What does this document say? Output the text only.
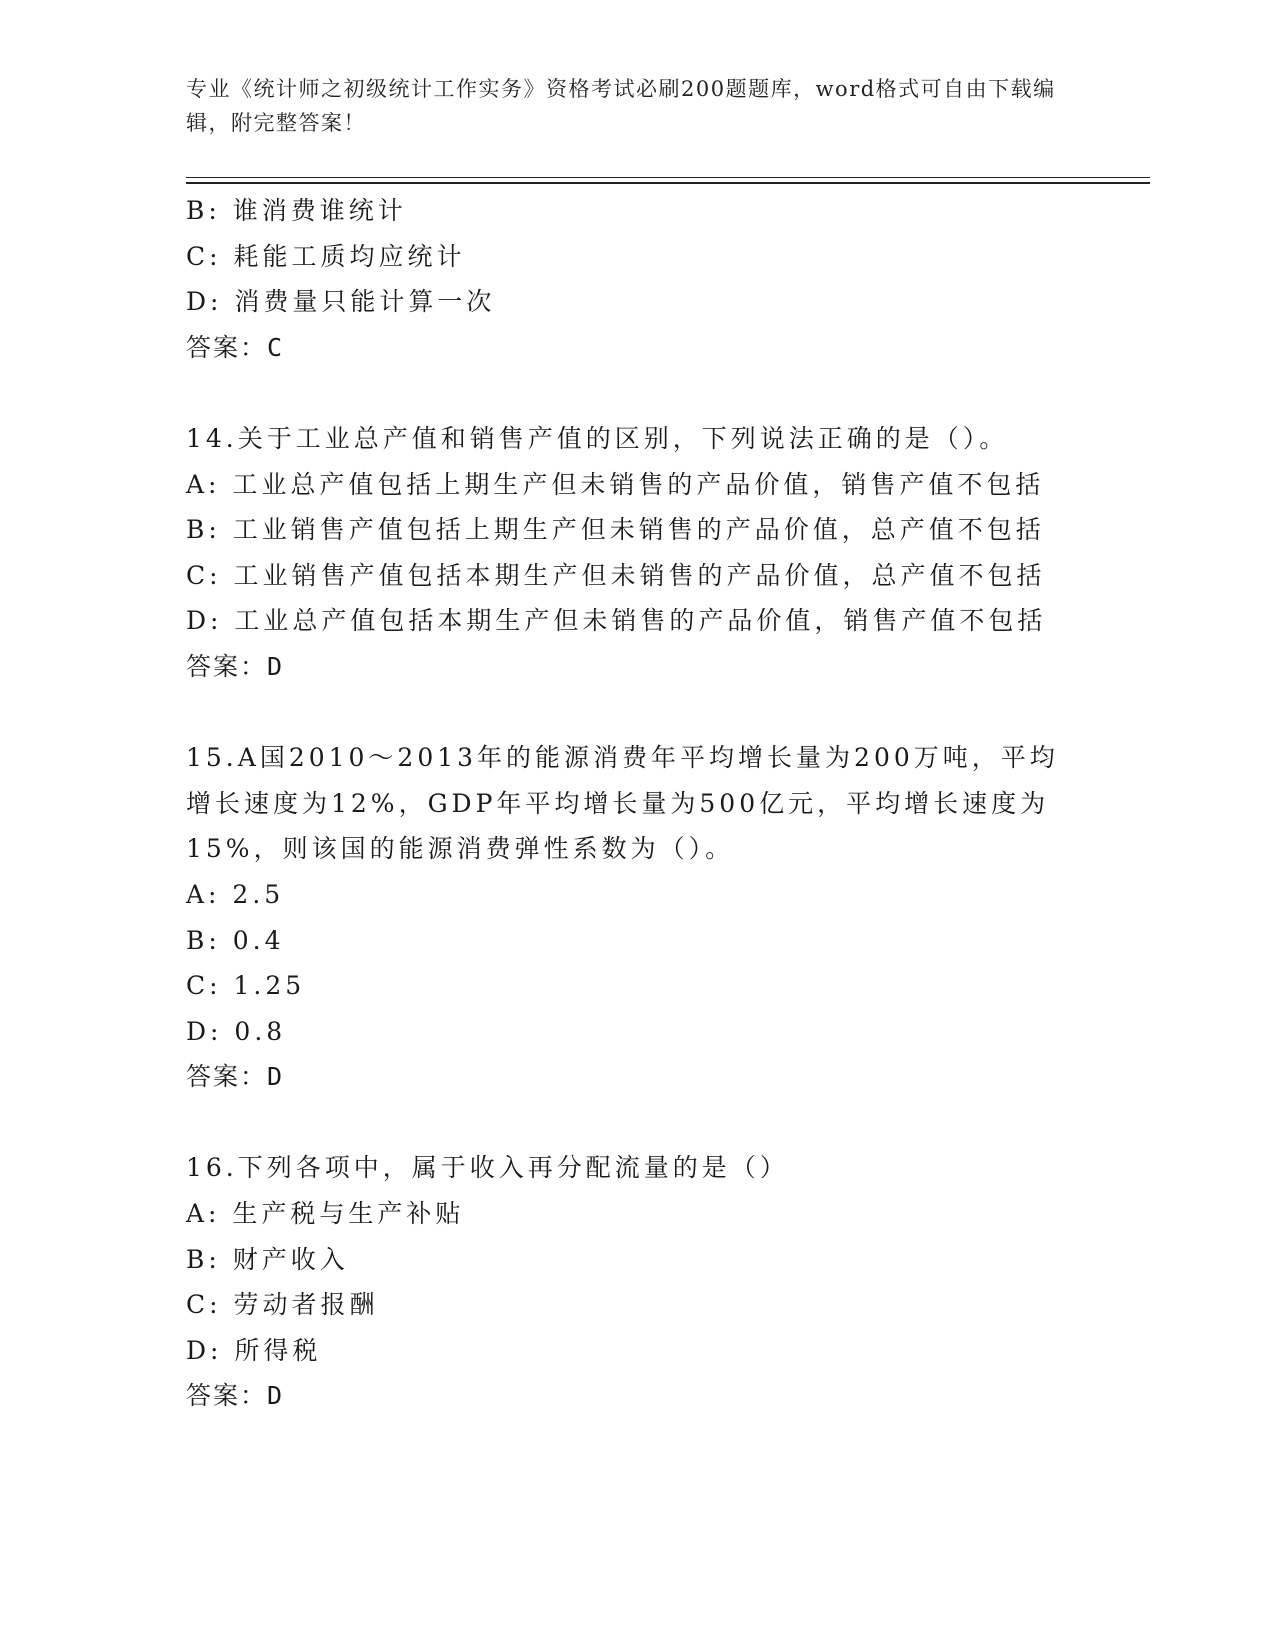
专业《统计师之初级统计工作实务》资格考试必刷200题题库，word格式可自由下载编辑，附完整答案！
B: 谁消费谁统计
C: 耗能工质均应统计
D: 消费量只能计算一次
答案：C
14.关于工业总产值和销售产值的区别，下列说法正确的是（）。
A: 工业总产值包括上期生产但未销售的产品价值，销售产值不包括
B: 工业销售产值包括上期生产但未销售的产品价值，总产值不包括
C: 工业销售产值包括本期生产但未销售的产品价值，总产值不包括
D: 工业总产值包括本期生产但未销售的产品价值，销售产值不包括
答案：D
15.A国2010～2013年的能源消费年平均增长量为200万吨，平均增长速度为12%，GDP年平均增长量为500亿元，平均增长速度为15%，则该国的能源消费弹性系数为（）。
A: 2.5
B: 0.4
C: 1.25
D: 0.8
答案：D
16.下列各项中，属于收入再分配流量的是（）
A: 生产税与生产补贴
B: 财产收入
C: 劳动者报酬
D: 所得税
答案：D
